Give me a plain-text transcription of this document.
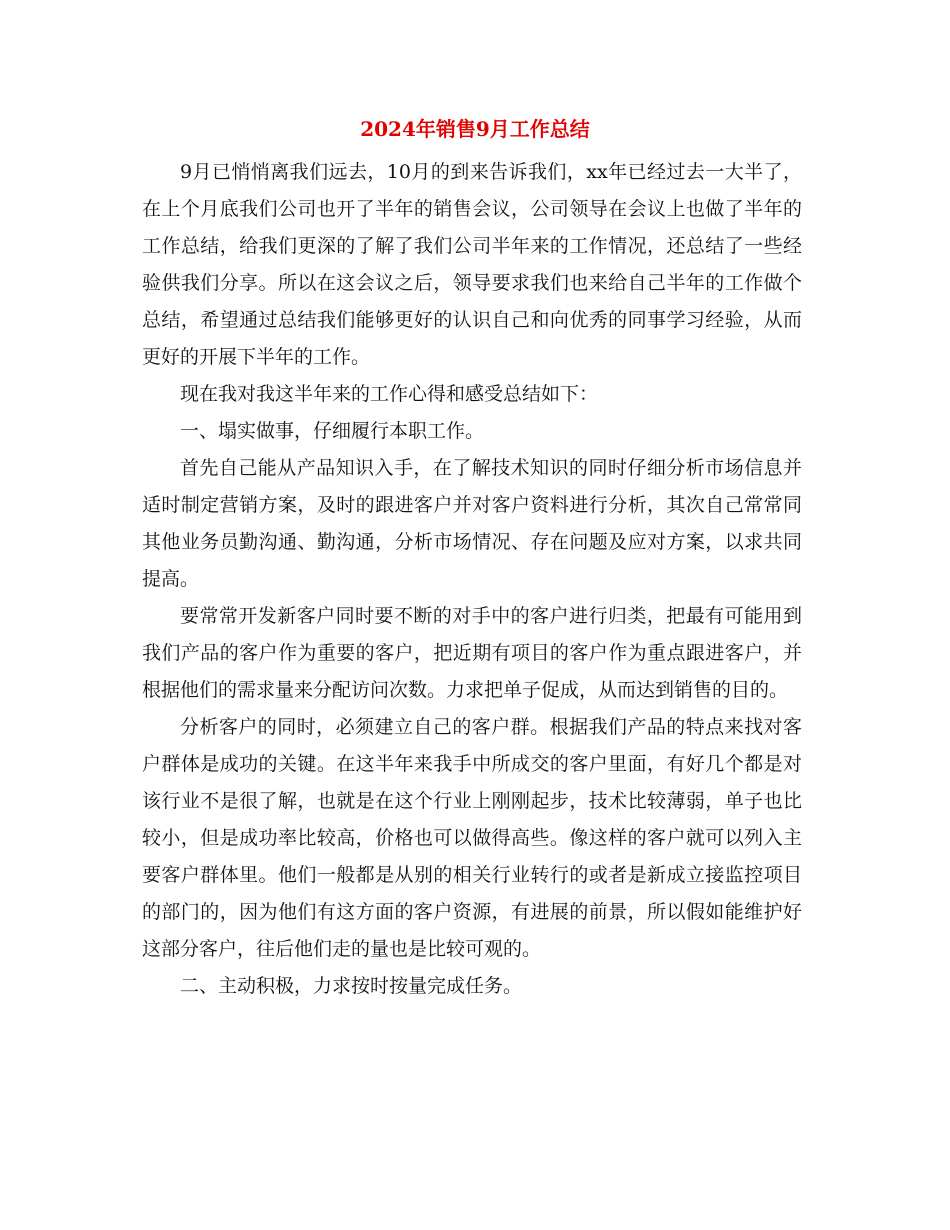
2024年销售9月工作总结

9月已悄悄离我们远去，10月的到来告诉我们，xx年已经过去一大半了，在上个月底我们公司也开了半年的销售会议，公司领导在会议上也做了半年的工作总结，给我们更深的了解了我们公司半年来的工作情况，还总结了一些经验供我们分享。所以在这会议之后，领导要求我们也来给自己半年的工作做个总结，希望通过总结我们能够更好的认识自己和向优秀的同事学习经验，从而更好的开展下半年的工作。

现在我对我这半年来的工作心得和感受总结如下：

一、塌实做事，仔细履行本职工作。

首先自己能从产品知识入手，在了解技术知识的同时仔细分析市场信息并适时制定营销方案，及时的跟进客户并对客户资料进行分析，其次自己常常同其他业务员勤沟通、勤沟通，分析市场情况、存在问题及应对方案，以求共同提高。

要常常开发新客户同时要不断的对手中的客户进行归类，把最有可能用到我们产品的客户作为重要的客户，把近期有项目的客户作为重点跟进客户，并根据他们的需求量来分配访问次数。力求把单子促成，从而达到销售的目的。

分析客户的同时，必须建立自己的客户群。根据我们产品的特点来找对客户群体是成功的关键。在这半年来我手中所成交的客户里面，有好几个都是对该行业不是很了解，也就是在这个行业上刚刚起步，技术比较薄弱，单子也比较小，但是成功率比较高，价格也可以做得高些。像这样的客户就可以列入主要客户群体里。他们一般都是从别的相关行业转行的或者是新成立接监控项目的部门的，因为他们有这方面的客户资源，有进展的前景，所以假如能维护好这部分客户，往后他们走的量也是比较可观的。

二、主动积极，力求按时按量完成任务。
